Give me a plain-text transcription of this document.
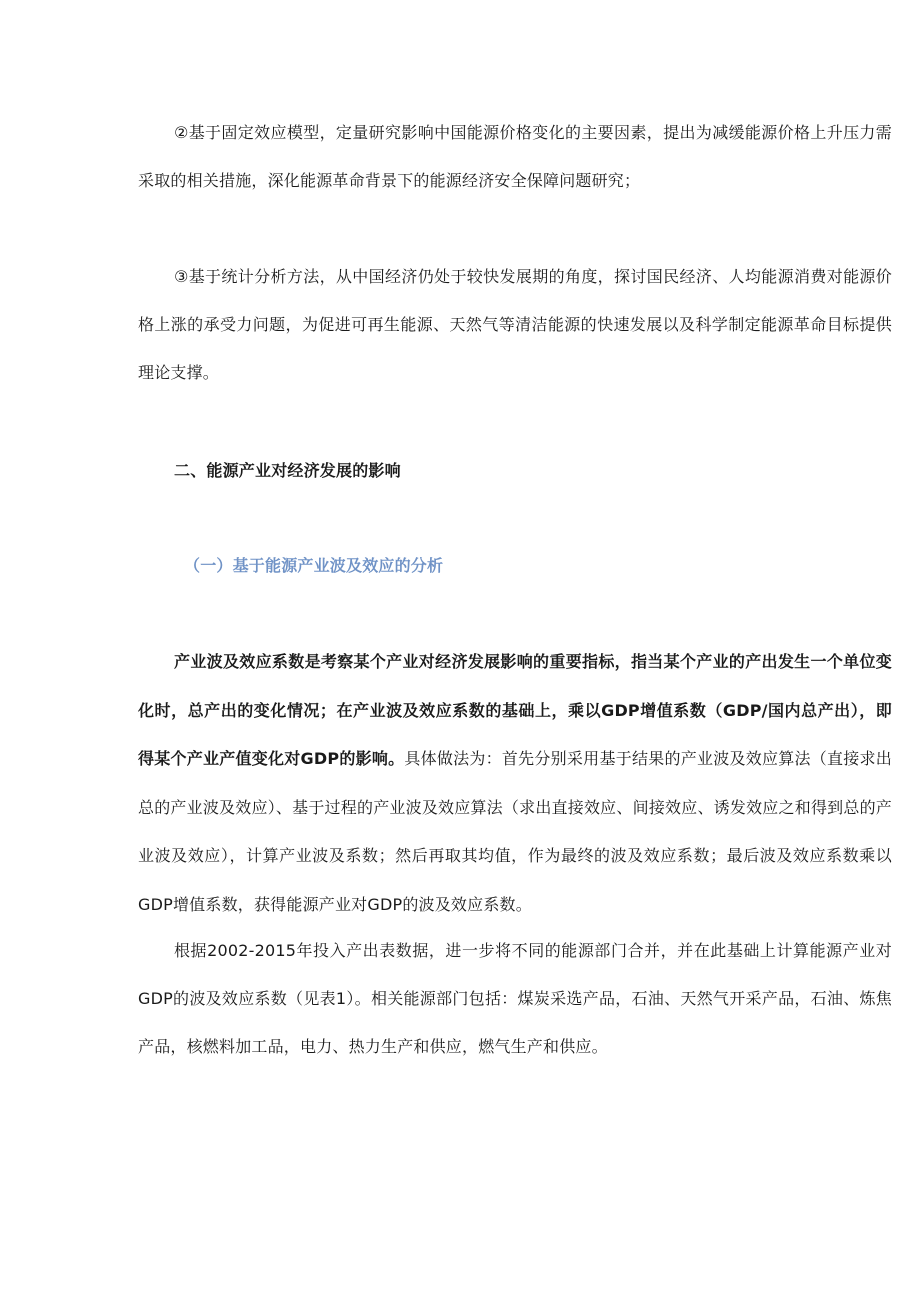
②基于固定效应模型，定量研究影响中国能源价格变化的主要因素，提出为减缓能源价格上升压力需采取的相关措施，深化能源革命背景下的能源经济安全保障问题研究；

③基于统计分析方法，从中国经济仍处于较快发展期的角度，探讨国民经济、人均能源消费对能源价格上涨的承受力问题，为促进可再生能源、天然气等清洁能源的快速发展以及科学制定能源革命目标提供理论支撑。

二、能源产业对经济发展的影响
（一）基于能源产业波及效应的分析

产业波及效应系数是考察某个产业对经济发展影响的重要指标，指当某个产业的产出发生一个单位变化时，总产出的变化情况；在产业波及效应系数的基础上，乘以GDP增值系数（GDP/国内总产出），即得某个产业产值变化对GDP的影响。具体做法为：首先分别采用基于结果的产业波及效应算法（直接求出总的产业波及效应）、基于过程的产业波及效应算法（求出直接效应、间接效应、诱发效应之和得到总的产业波及效应），计算产业波及系数；然后再取其均值，作为最终的波及效应系数；最后波及效应系数乘以GDP增值系数，获得能源产业对GDP的波及效应系数。

根据2002-2015年投入产出表数据，进一步将不同的能源部门合并，并在此基础上计算能源产业对GDP的波及效应系数（见表1）。相关能源部门包括：煤炭采选产品，石油、天然气开采产品，石油、炼焦产品，核燃料加工品，电力、热力生产和供应，燃气生产和供应。
